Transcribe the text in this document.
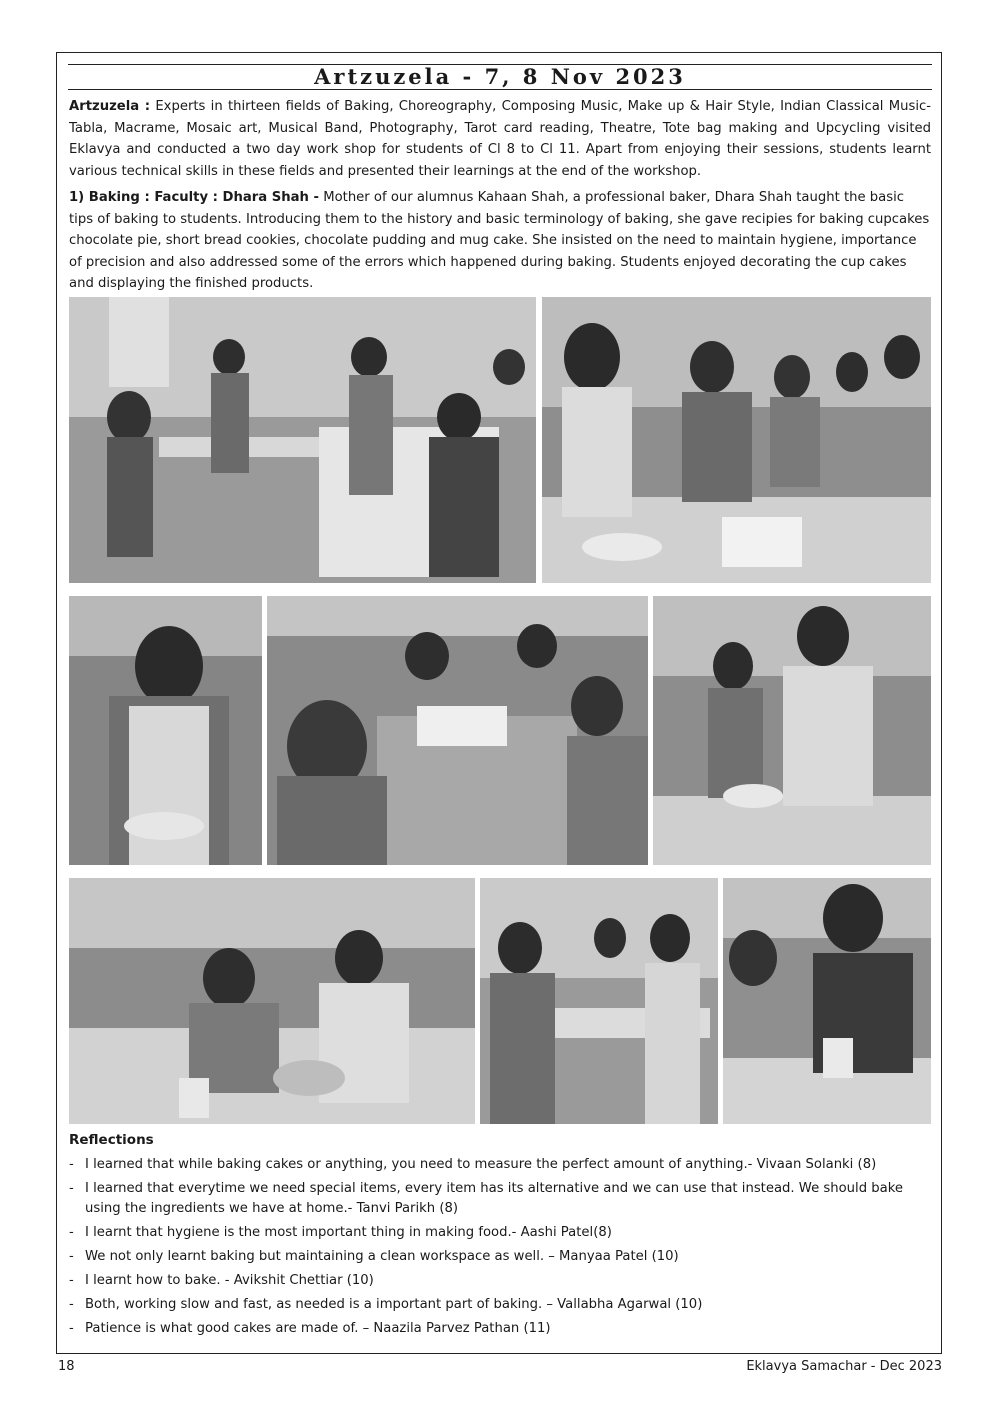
Artzuzela - 7, 8 Nov 2023
Artzuzela : Experts in thirteen fields of Baking, Choreography, Composing Music, Make up & Hair Style, Indian Classical Music-Tabla, Macrame, Mosaic art, Musical Band, Photography, Tarot card reading, Theatre, Tote bag making and Upcycling visited Eklavya and conducted a two day work shop for students of Cl 8 to Cl 11. Apart from enjoying their sessions, students learnt various technical skills in these fields and presented their learnings at the end of the workshop.
1) Baking : Faculty : Dhara Shah - Mother of our alumnus Kahaan Shah, a professional baker, Dhara Shah taught the basic tips of baking to students. Introducing them to the history and basic terminology of baking, she gave recipies for baking cupcakes chocolate pie, short bread cookies, chocolate pudding and mug cake. She insisted on the need to maintain hygiene, importance of precision and also addressed some of the errors which happened during baking. Students enjoyed decorating the cup cakes and displaying the finished products.
Reflections
- I learned that while baking cakes or anything, you need to measure the perfect amount of anything.- Vivaan Solanki (8)
- I learned that everytime we need special items, every item has its alternative and we can use that instead. We should bake using the ingredients we have at home.- Tanvi Parikh (8)
- I learnt that hygiene is the most important thing in making food.- Aashi Patel(8)
- We not only learnt baking but maintaining a clean workspace as well. – Manyaa Patel (10)
- I learnt how to bake. - Avikshit Chettiar (10)
- Both, working slow and fast, as needed is a important part of baking. – Vallabha Agarwal (10)
- Patience is what good cakes are made of. – Naazila Parvez Pathan (11)
18	Eklavya Samachar - Dec 2023
